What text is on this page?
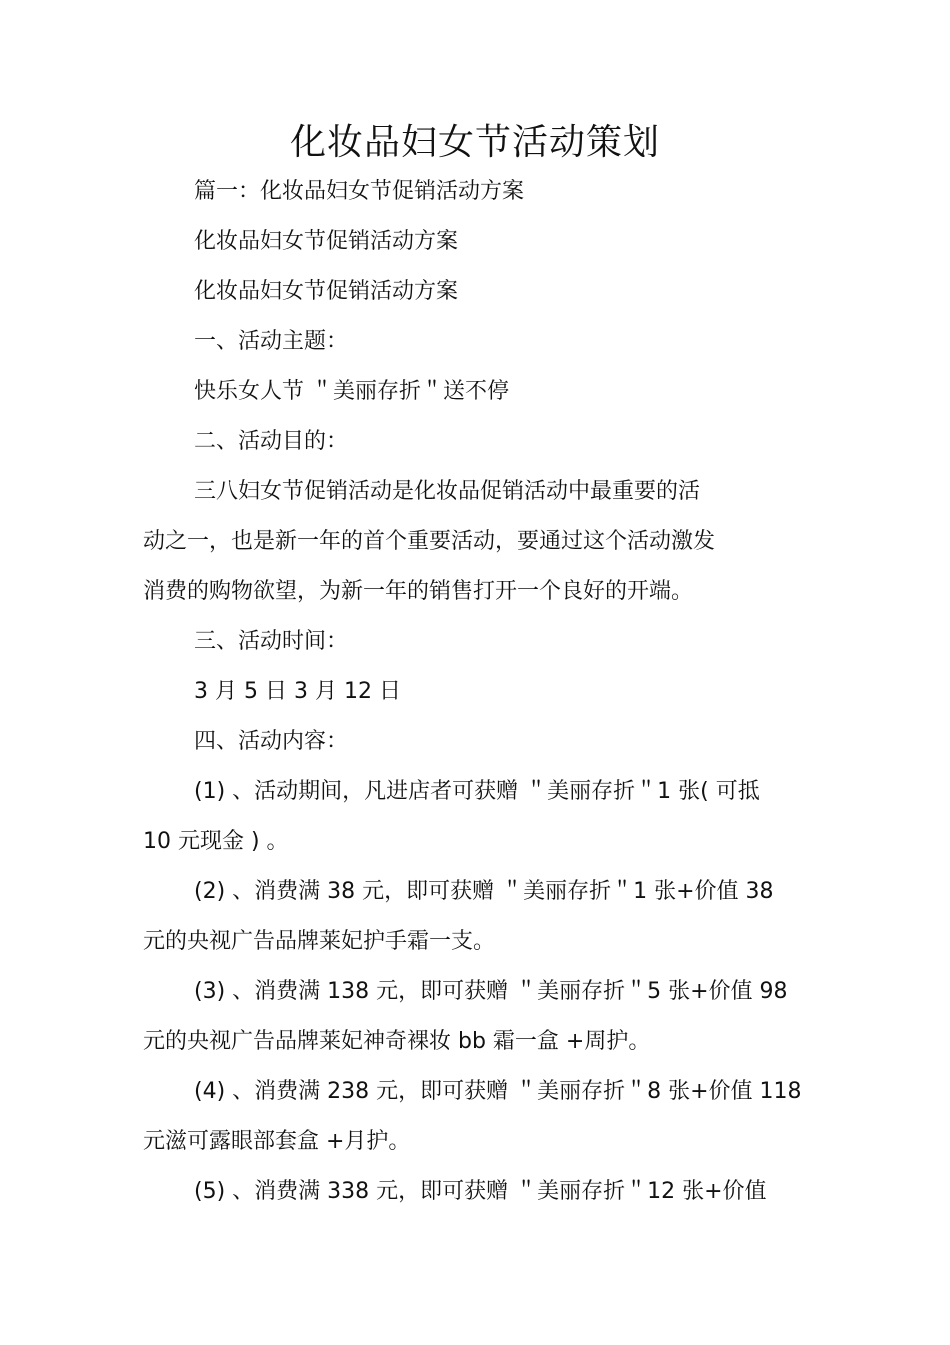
化妆品妇女节活动策划
篇一：化妆品妇女节促销活动方案
化妆品妇女节促销活动方案
化妆品妇女节促销活动方案
一、活动主题：
快乐女人节 ＂美丽存折＂送不停
二、活动目的：
三八妇女节促销活动是化妆品促销活动中最重要的活
动之一，也是新一年的首个重要活动，要通过这个活动激发
消费的购物欲望，为新一年的销售打开一个良好的开端。
三、活动时间：
3 月 5 日 3 月 12 日
四、活动内容：
(1) 、活动期间，凡进店者可获赠 ＂美丽存折＂1 张( 可抵
10 元现金 ) 。
(2) 、消费满 38 元，即可获赠 ＂美丽存折＂1 张+价值 38
元的央视广告品牌莱妃护手霜一支。
(3) 、消费满 138 元，即可获赠 ＂美丽存折＂5 张+价值 98
元的央视广告品牌莱妃神奇裸妆 bb 霜一盒 +周护。
(4) 、消费满 238 元，即可获赠 ＂美丽存折＂8 张+价值 118
元滋可露眼部套盒 +月护。
(5) 、消费满 338 元，即可获赠 ＂美丽存折＂12 张+价值
